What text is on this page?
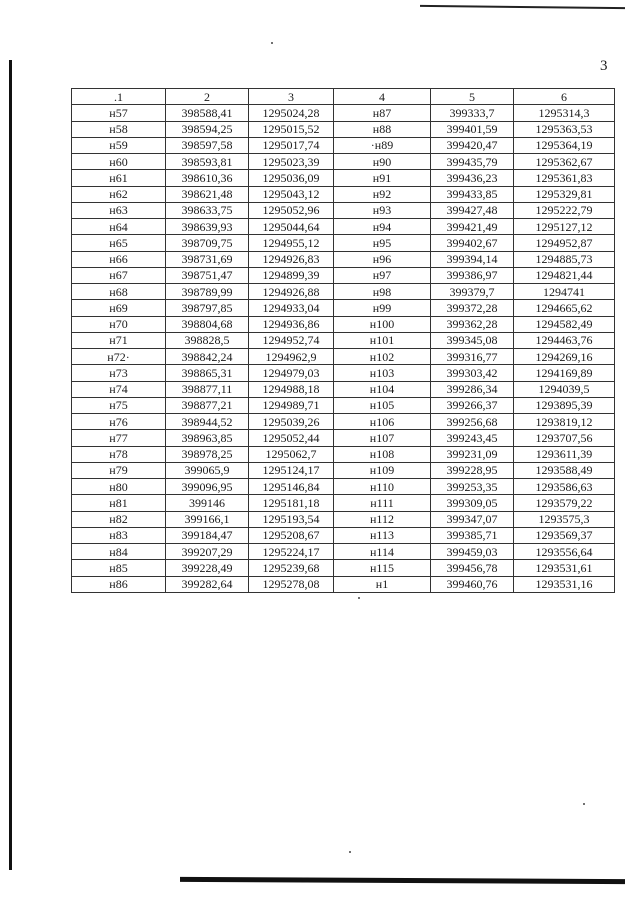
3
.1	2	3	4	5	6
н57	398588,41	1295024,28	н87	399333,7	1295314,3
н58	398594,25	1295015,52	н88	399401,59	1295363,53
н59	398597,58	1295017,74	·н89	399420,47	1295364,19
н60	398593,81	1295023,39	н90	399435,79	1295362,67
н61	398610,36	1295036,09	н91	399436,23	1295361,83
н62	398621,48	1295043,12	н92	399433,85	1295329,81
н63	398633,75	1295052,96	н93	399427,48	1295222,79
н64	398639,93	1295044,64	н94	399421,49	1295127,12
н65	398709,75	1294955,12	н95	399402,67	1294952,87
н66	398731,69	1294926,83	н96	399394,14	1294885,73
н67	398751,47	1294899,39	н97	399386,97	1294821,44
н68	398789,99	1294926,88	н98	399379,7	1294741
н69	398797,85	1294933,04	н99	399372,28	1294665,62
н70	398804,68	1294936,86	н100	399362,28	1294582,49
н71	398828,5	1294952,74	н101	399345,08	1294463,76
н72·	398842,24	1294962,9	н102	399316,77	1294269,16
н73	398865,31	1294979,03	н103	399303,42	1294169,89
н74	398877,11	1294988,18	н104	399286,34	1294039,5
н75	398877,21	1294989,71	н105	399266,37	1293895,39
н76	398944,52	1295039,26	н106	399256,68	1293819,12
н77	398963,85	1295052,44	н107	399243,45	1293707,56
н78	398978,25	1295062,7	н108	399231,09	1293611,39
н79	399065,9	1295124,17	н109	399228,95	1293588,49
н80	399096,95	1295146,84	н110	399253,35	1293586,63
н81	399146	1295181,18	н111	399309,05	1293579,22
н82	399166,1	1295193,54	н112	399347,07	1293575,3
н83	399184,47	1295208,67	н113	399385,71	1293569,37
н84	399207,29	1295224,17	н114	399459,03	1293556,64
н85	399228,49	1295239,68	н115	399456,78	1293531,61
н86	399282,64	1295278,08	н1	399460,76	1293531,16
